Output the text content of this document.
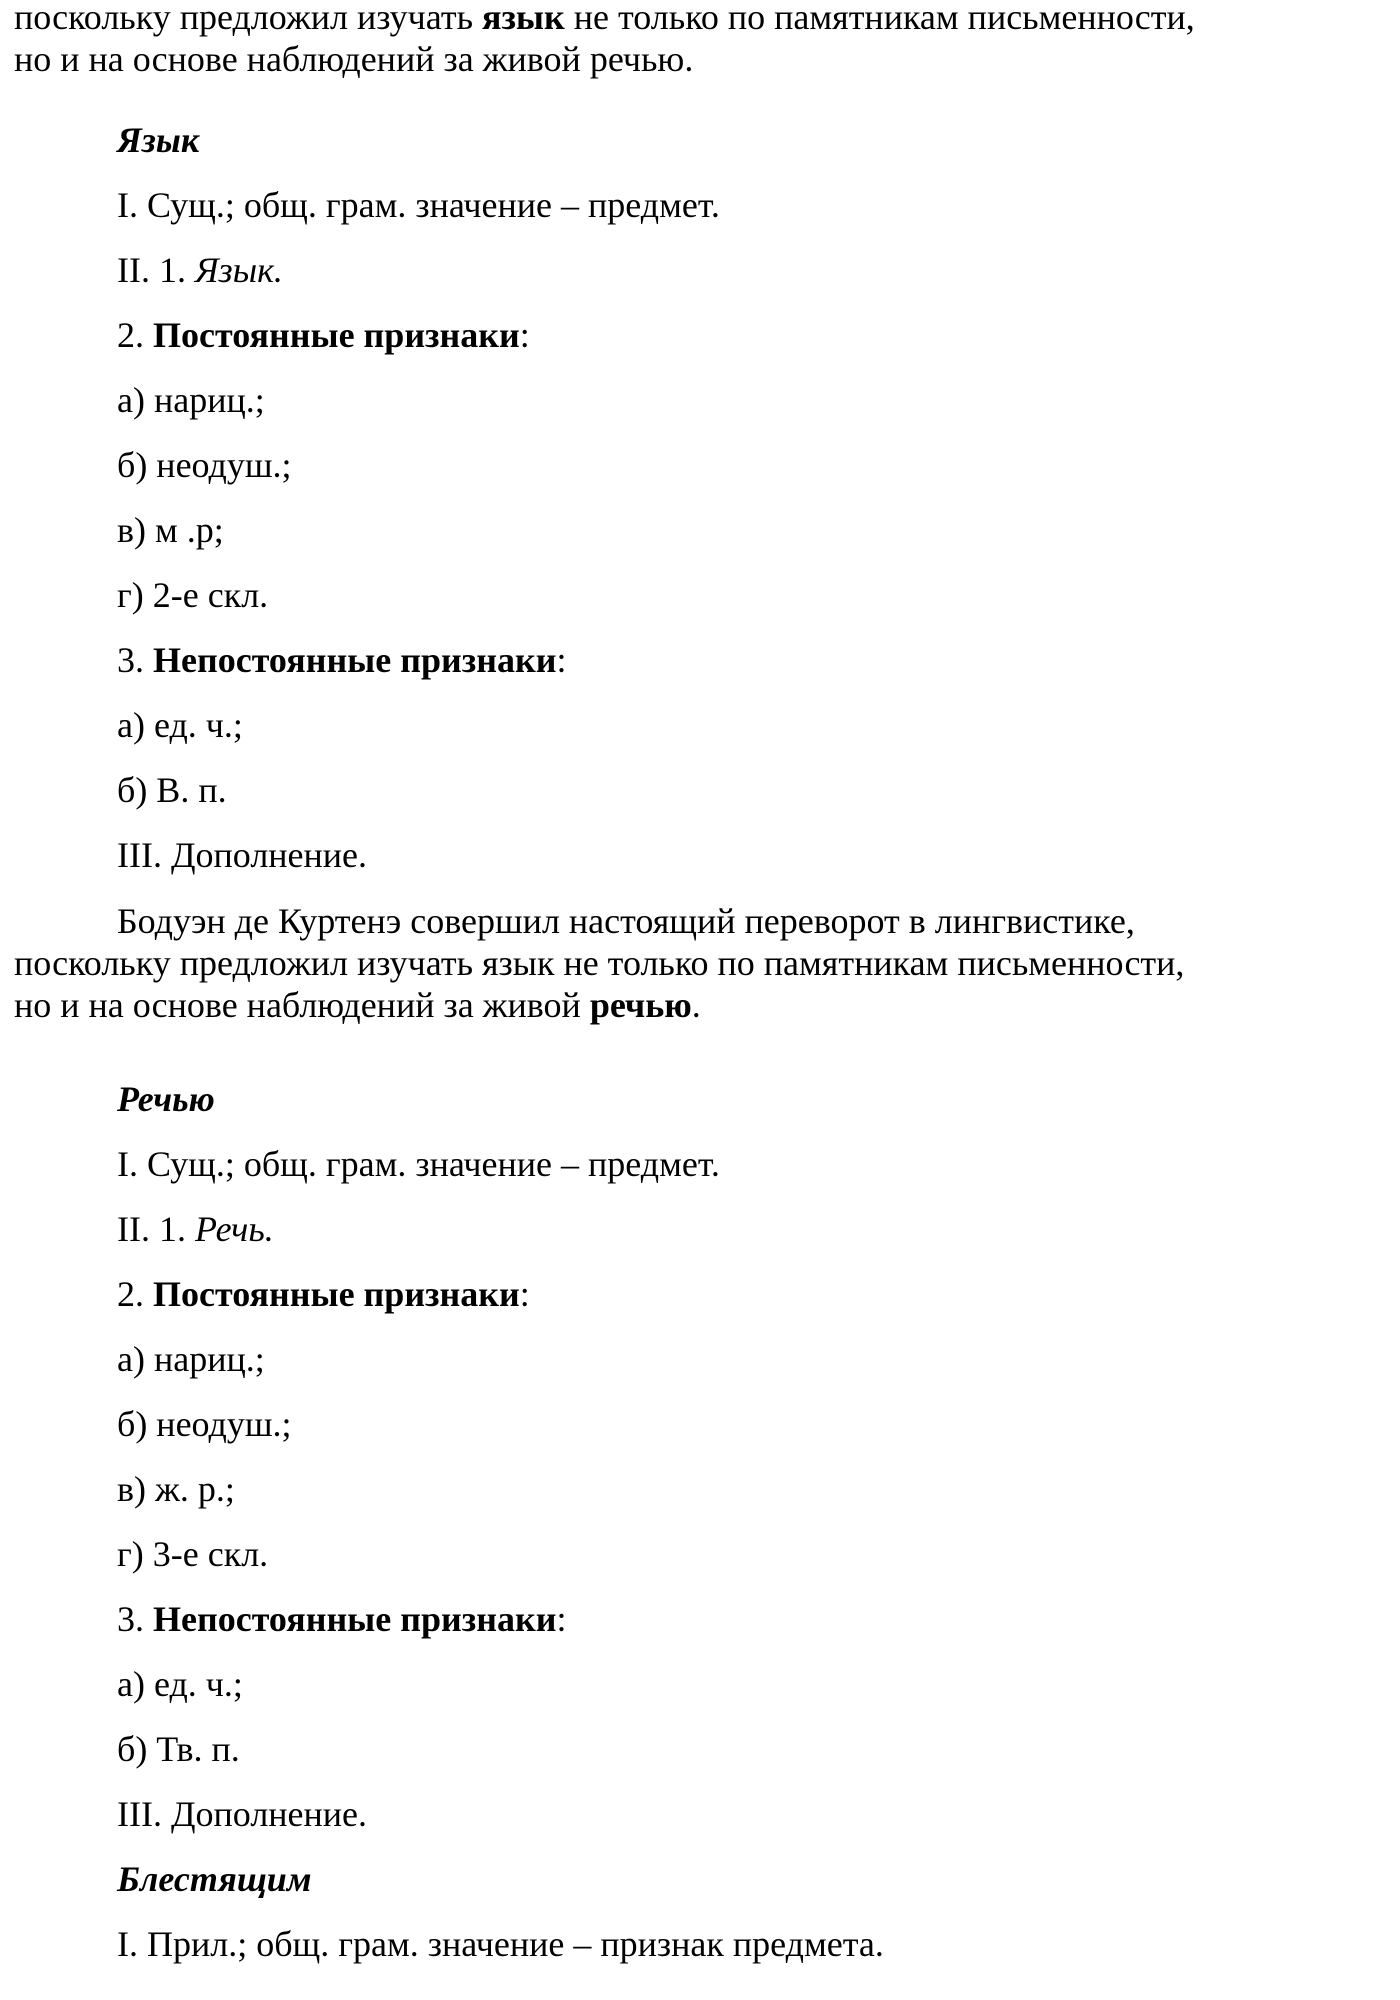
поскольку предложил изучать язык не только по памятникам письменности,
но и на основе наблюдений за живой речью.

Язык

I. Сущ.; общ. грам. значение – предмет.

II. 1. Язык.

2. Постоянные признаки:

а) нариц.;

б) неодуш.;

в) м .р;

г) 2-е скл.

3. Непостоянные признаки:

а) ед. ч.;

б) В. п.

III. Дополнение.

Бодуэн де Куртенэ совершил настоящий переворот в лингвистике,
поскольку предложил изучать язык не только по памятникам письменности,
но и на основе наблюдений за живой речью.

Речью

I. Сущ.; общ. грам. значение – предмет.

II. 1. Речь.

2. Постоянные признаки:

а) нариц.;

б) неодуш.;

в) ж. р.;

г) 3-е скл.

3. Непостоянные признаки:

а) ед. ч.;

б) Тв. п.

III. Дополнение.

Блестящим

I. Прил.; общ. грам. значение – признак предмета.
